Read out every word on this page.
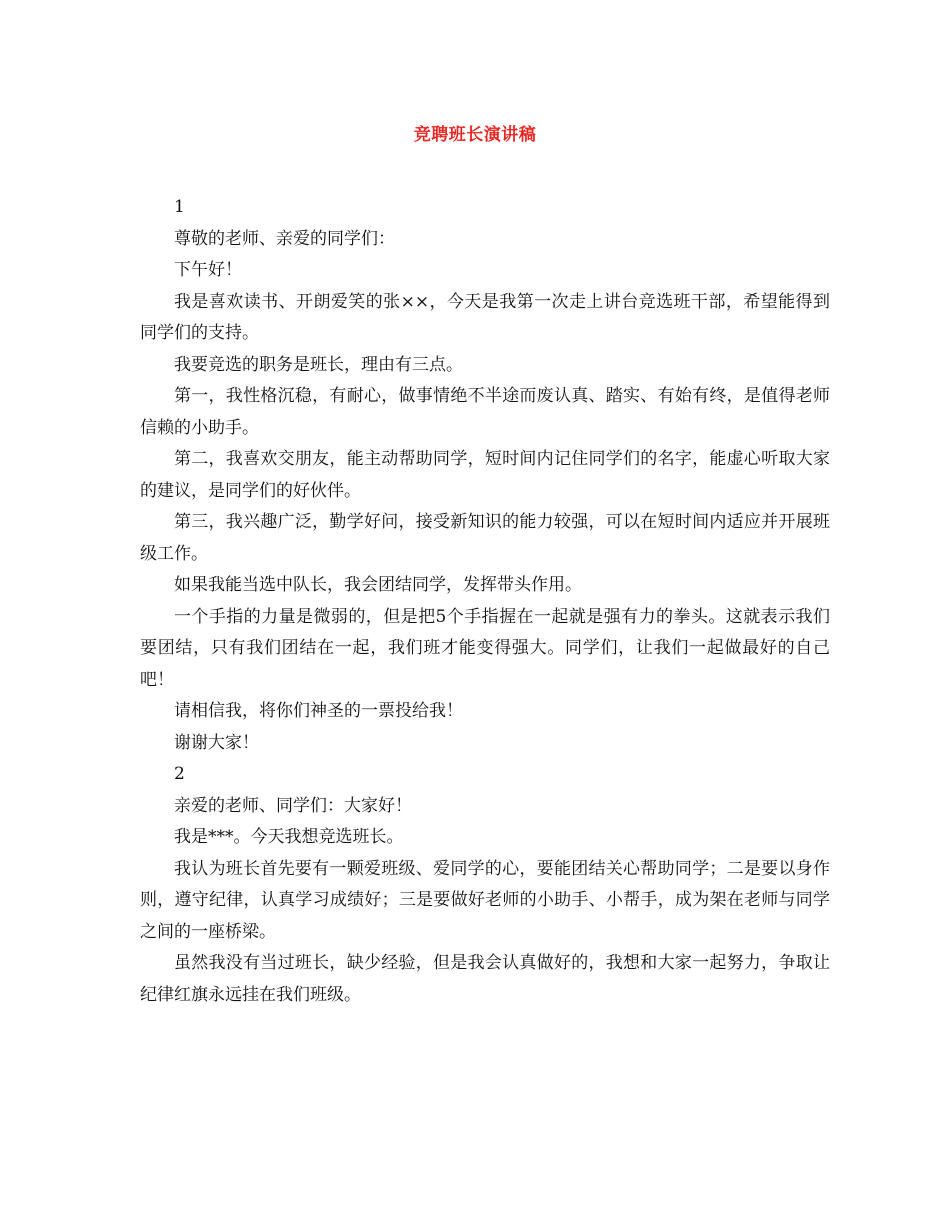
竞聘班长演讲稿

1

尊敬的老师、亲爱的同学们：

下午好！

我是喜欢读书、开朗爱笑的张××，今天是我第一次走上讲台竞选班干部，希望能得到同学们的支持。

我要竞选的职务是班长，理由有三点。

第一，我性格沉稳，有耐心，做事情绝不半途而废认真、踏实、有始有终，是值得老师信赖的小助手。

第二，我喜欢交朋友，能主动帮助同学，短时间内记住同学们的名字，能虚心听取大家的建议，是同学们的好伙伴。

第三，我兴趣广泛，勤学好问，接受新知识的能力较强，可以在短时间内适应并开展班级工作。

如果我能当选中队长，我会团结同学，发挥带头作用。

一个手指的力量是微弱的，但是把5个手指握在一起就是强有力的拳头。这就表示我们要团结，只有我们团结在一起，我们班才能变得强大。同学们，让我们一起做最好的自己吧！

请相信我，将你们神圣的一票投给我！

谢谢大家！

2

亲爱的老师、同学们：大家好！

我是***。今天我想竞选班长。

我认为班长首先要有一颗爱班级、爱同学的心，要能团结关心帮助同学；二是要以身作则，遵守纪律，认真学习成绩好；三是要做好老师的小助手、小帮手，成为架在老师与同学之间的一座桥梁。

虽然我没有当过班长，缺少经验，但是我会认真做好的，我想和大家一起努力，争取让纪律红旗永远挂在我们班级。
